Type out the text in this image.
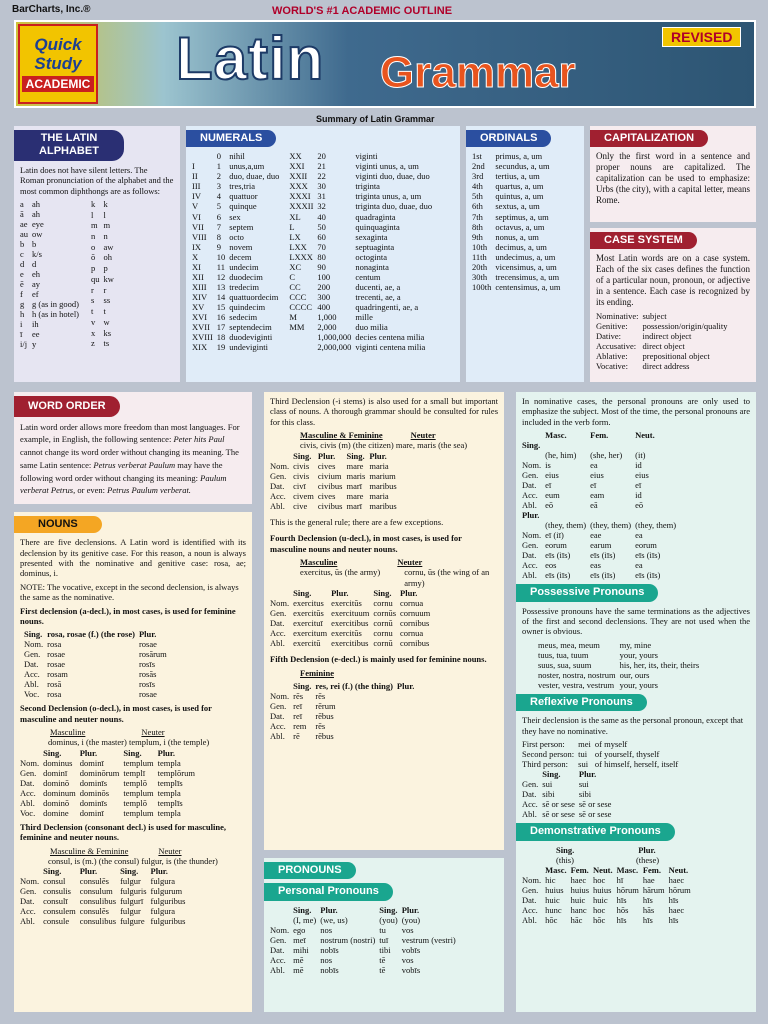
BarCharts, Inc.®	WORLD'S #1 ACADEMIC OUTLINE
Quick
Study
ACADEMIC Latin Grammar
REVISED
Summary of Latin Grammar
THE LATIN ALPHABET

Latin does not have silent letters. The Roman pronunciation of the alphabet and the most common diphthongs are as follows:

a	ah
ā	ah
ae	eye
au	ow
b	b
c	k/s
d	d
e	eh
ē	ay
f	ef
g	g (as in good)
h	h (as in hotel)
i	ih
ī	ee
i/j	y
k	k
l	l
m	m
n	n
o	aw
ō	oh
p	p
qu	kw
r	r
s	ss
t	t
v	w
x	ks
z	ts
NUMERALS
	0	nihil
I	1	unus,a,um
II	2	duo, duae, duo
III	3	tres,tria
IV	4	quattuor
V	5	quinque
VI	6	sex
VII	7	septem
VIII	8	octo
IX	9	novem
X	10	decem
XI	11	undecim
XII	12	duodecim
XIII	13	tredecim
XIV	14	quattuordecim
XV	15	quindecim
XVI	16	sedecim
XVII	17	septendecim
XVIII	18	duodeviginti
XIX	19	undeviginti
XX	20	viginti
XXI	21	viginti unus, a, um
XXII	22	viginti duo, duae, duo
XXX	30	triginta
XXXI	31	triginta unus, a, um
XXXII	32	triginta duo, duae, duo
XL	40	quadraginta
L	50	quinquaginta
LX	60	sexaginta
LXX	70	septuaginta
LXXX	80	octoginta
XC	90	nonaginta
C	100	centum
CC	200	ducenti, ae, a
CCC	300	trecenti, ae, a
CCCC	400	quadringenti, ae, a
M	1,000	mille
MM	2,000	duo milia
	1,000,000	decies centena milia
	2,000,000	viginti centena milia
ORDINALS
1st	primus, a, um
2nd	secundus, a, um
3rd	tertius, a, um
4th	quartus, a, um
5th	quintus, a, um
6th	sextus, a, um
7th	septimus, a, um
8th	octavus, a, um
9th	nonus, a, um
10th	decimus, a, um
11th	undecimus, a, um
20th	vicensimus, a, um
30th	trecensimus, a, um
100th	centensimus, a, um
CAPITALIZATION

Only the first word in a sentence and proper nouns are capitalized. The capitalization can be used to emphasize: Urbs (the city), with a capital letter, means Rome.

CASE SYSTEM

Most Latin words are on a case system. Each of the six cases defines the function of a particular noun, pronoun, or adjective in a sentence. Each case is recognized by its ending.

Nominative:	subject
Genitive:	possession/origin/quality
Dative:	indirect object
Accusative:	direct object
Ablative:	prepositional object
Vocative:	direct address
WORD ORDER

Latin word order allows more freedom than most languages. For example, in English, the following sentence: Peter hits Paul cannot change its word order without changing its meaning. The same Latin sentence: Petrus verberat Paulum may have the following word order without changing its meaning: Paulum verberat Petrus, or even: Petrus Paulum verberat.

NOUNS

There are five declensions. A Latin word is identified with its declension by its genitive case. For this reason, a noun is always presented with the nominative and genitive case: rosa, ae; dominus, i.

NOTE: The vocative, except in the second declension, is always the same as the nominative.

First declension (a-decl.), in most cases, is used for feminine nouns.

Sing.	rosa, rosae (f.) (the rose)	Plur.
Nom.	rosa	rosae
Gen.	rosae	rosārum
Dat.	rosae	rosīs
Acc.	rosam	rosās
Abl.	rosā	rosīs
Voc.	rosa	rosae

Second Declension (o-decl.), in most cases, is used for masculine and neuter nouns.

Masculine	Neuter

dominus, i (the master) templum, i (the temple)

	Sing.	Plur.	Sing.	Plur.
Nom.	dominus	dominī	templum	templa
Gen.	dominī	dominōrum	templī	templōrum
Dat.	dominō	dominīs	templō	templīs
Acc.	dominum	dominōs	templum	templa
Abl.	dominō	dominīs	templō	templīs
Voc.	domine	dominī	templum	templa

Third Declension (consonant decl.) is used for masculine, feminine and neuter nouns.

Masculine & Feminine	Neuter

consul, is (m.) (the consul) fulgur, is (the thunder)

	Sing.	Plur.	Sing.	Plur.
Nom.	consul	consulēs	fulgur	fulgura
Gen.	consulis	consulum	fulguris	fulgurum
Dat.	consulī	consulibus	fulgurī	fulguribus
Acc.	consulem	consulēs	fulgur	fulgura
Abl.	consule	consulibus	fulgure	fulguribus

Third Declension (-i stems) is also used for a small but important class of nouns. A thorough grammar should be consulted for rules for this class.

Masculine & Feminine	Neuter

civis, civis (m) (the citizen) mare, maris (the sea)

	Sing.	Plur.	Sing.	Plur.
Nom.	civis	cives	mare	maria
Gen.	civis	civium	maris	marium
Dat.	civī	civibus	marī	maribus
Acc.	civem	cives	mare	maria
Abl.	cive	civibus	marī	maribus

This is the general rule; there are a few exceptions.

Fourth Declension (u-decl.), in most cases, is used for masculine nouns and neuter nouns.

Masculine	Neuter
exercitus, ūs (the army)	cornu, ūs (the wing of an army)
	Sing.	Plur.	Sing.	Plur.
Nom.	exercitus	exercitūs	cornu	cornua
Gen.	exercitūs	exercituum	cornūs	cornuum
Dat.	exercituī	exercitibus	cornū	cornibus
Acc.	exercitum	exercitūs	cornu	cornua
Abl.	exercitū	exercitibus	cornū	cornibus

Fifth Declension (e-decl.) is mainly used for feminine nouns.

Feminine

	Sing.	res, rei (f.) (the thing)	Plur.
Nom.	rēs	rēs	
Gen.	reī	rērum	
Dat.	reī	rēbus	
Acc.	rem	rēs	
Abl.	rē	rēbus	
PRONOUNS
Personal Pronouns
	Sing.	Plur.	Sing.	Plur.
	(I, me)	(we, us)	(you)	(you)
Nom.	ego	nos	tu	vos
Gen.	meī	nostrum (nostri)	tuī	vestrum (vestri)
Dat.	mihi	nobīs	tibi	vobīs
Acc.	mē	nos	tē	vos
Abl.	mē	nobīs	tē	vobīs

In nominative cases, the personal pronouns are only used to emphasize the subject. Most of the time, the personal pronouns are included in the verb form.

	Masc.	Fem.	Neut.
Sing.			
	(he, him)	(she, her)	(it)
Nom.	is	ea	id
Gen.	eius	eius	eius
Dat.	eī	eī	eī
Acc.	eum	eam	id
Abl.	eō	eā	eō

Plur.			
	(they, them)	(they, them)	(they, them)
Nom.	eī (iī)	eae	ea
Gen.	eorum	earum	eorum
Dat.	eīs (iīs)	eīs (iīs)	eīs (iīs)
Acc.	eos	eas	ea
Abl.	eīs (iīs)	eīs (iīs)	eīs (iīs)
Possessive Pronouns

Possessive pronouns have the same terminations as the adjectives of the first and second declensions. They are not used when the owner is obvious.

meus, mea, meum	my, mine
tuus, tua, tuum	your, yours
suus, sua, suum	his, her, its, their, theirs
noster, nostra, nostrum	our, ours
vester, vestra, vestrum	your, yours
Reflexive Pronouns

Their declension is the same as the personal pronoun, except that they have no nominative.

First person:	mei	of myself
Second person:	tui	of yourself, thyself
Third person:	sui	of himself, herself, itself
	Sing.	Plur.
Gen.	sui	sui
Dat.	sibi	sibi
Acc.	sē or sese	sē or sese
Abl.	sē or sese	sē or sese
Demonstrative Pronouns
Sing.	Plur.
(this)	(these)
	Masc.	Fem.	Neut.	Masc.	Fem.	Neut.
Nom.	hic	haec	hoc	hī	hae	haec
Gen.	huius	huius	huius	hōrum	hārum	hōrum
Dat.	huic	huic	huic	hīs	hīs	hīs
Acc.	hunc	hanc	hoc	hōs	hās	haec
Abl.	hōc	hāc	hōc	hīs	hīs	hīs
